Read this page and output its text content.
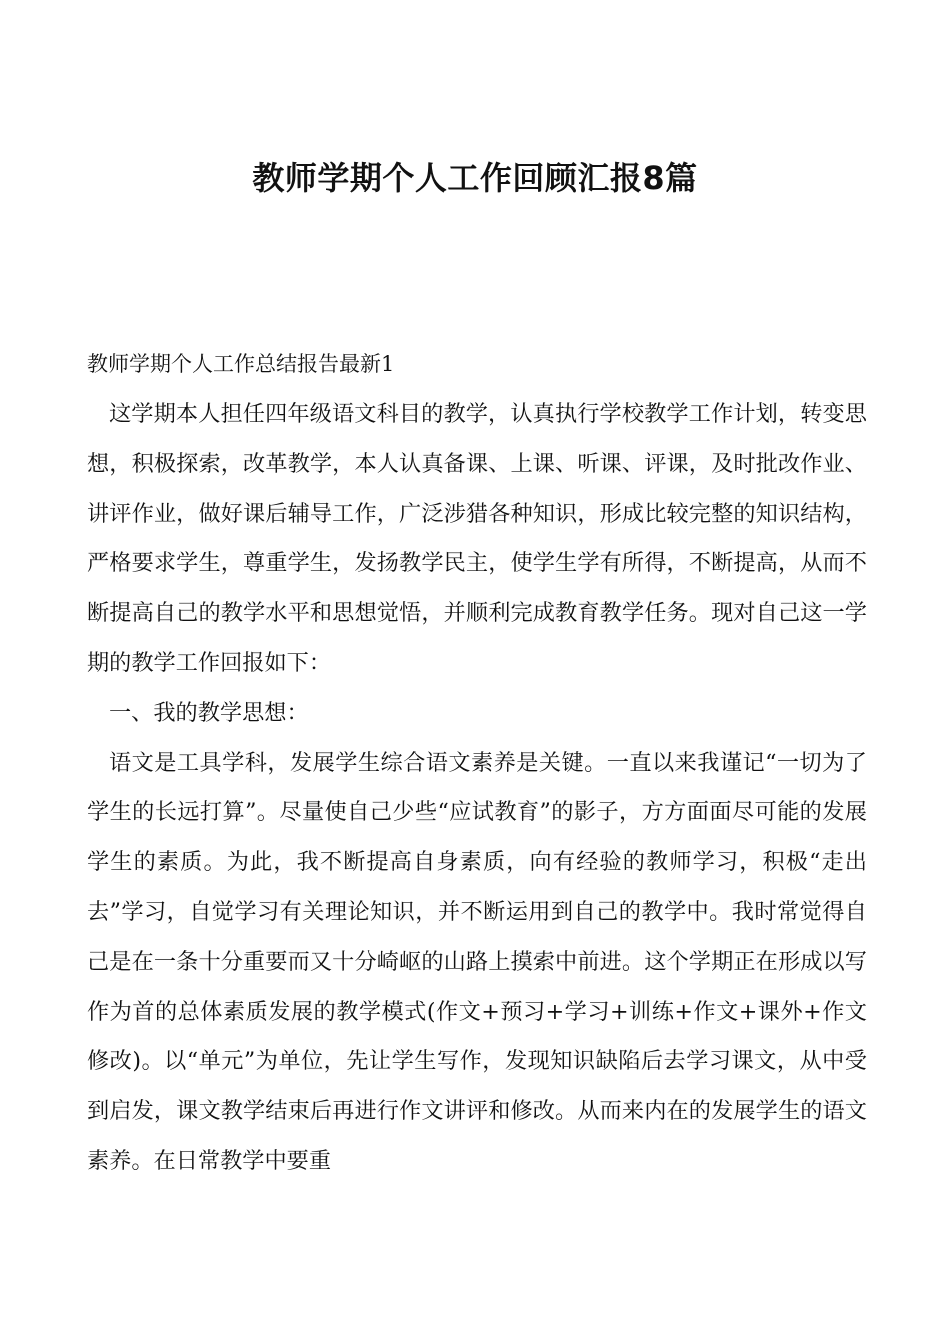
教师学期个人工作回顾汇报8篇

教师学期个人工作总结报告最新1

这学期本人担任四年级语文科目的教学，认真执行学校教学工作计划，转变思想，积极探索，改革教学，本人认真备课、上课、听课、评课，及时批改作业、讲评作业，做好课后辅导工作，广泛涉猎各种知识，形成比较完整的知识结构，严格要求学生，尊重学生，发扬教学民主，使学生学有所得，不断提高，从而不断提高自己的教学水平和思想觉悟，并顺利完成教育教学任务。现对自己这一学期的教学工作回报如下：

一、我的教学思想：

语文是工具学科，发展学生综合语文素养是关键。一直以来我谨记“一切为了学生的长远打算”。尽量使自己少些“应试教育”的影子，方方面面尽可能的发展学生的素质。为此，我不断提高自身素质，向有经验的教师学习，积极“走出去”学习，自觉学习有关理论知识，并不断运用到自己的教学中。我时常觉得自己是在一条十分重要而又十分崎岖的山路上摸索中前进。这个学期正在形成以写作为首的总体素质发展的教学模式(作文+预习+学习+训练+作文+课外+作文修改)。以“单元”为单位，先让学生写作，发现知识缺陷后去学习课文，从中受到启发，课文教学结束后再进行作文讲评和修改。从而来内在的发展学生的语文素养。在日常教学中要重
